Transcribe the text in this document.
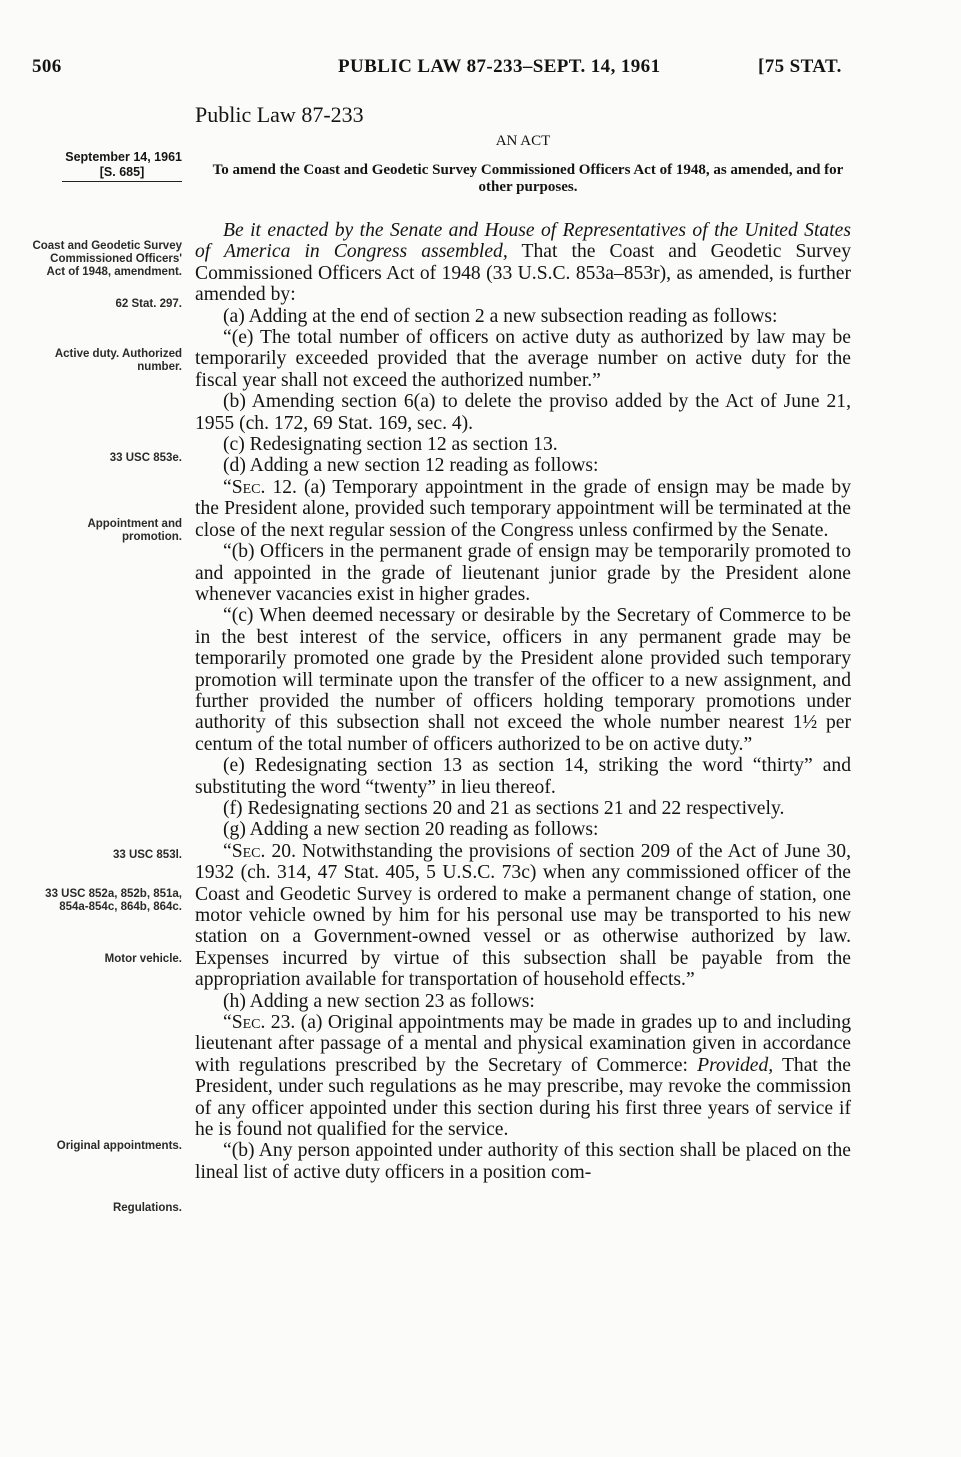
506	PUBLIC LAW 87-233–SEPT. 14, 1961	[75 STAT.
Public Law 87-233
AN ACT
September 14, 1961
[S. 685]	To amend the Coast and Geodetic Survey Commissioned Officers Act of 1948, as amended, and for other purposes.
Coast and Geodetic Survey Commissioned Officers' Act of 1948, amendment.
62 Stat. 297.
Active duty. Authorized number.
33 USC 853e.
Appointment and promotion.
33 USC 853l.
33 USC 852a, 852b, 851a, 854a-854c, 864b, 864c.
Motor vehicle.
Original appointments.
Regulations.

Be it enacted by the Senate and House of Representatives of the United States of America in Congress assembled, That the Coast and Geodetic Survey Commissioned Officers Act of 1948 (33 U.S.C. 853a–853r), as amended, is further amended by:

(a) Adding at the end of section 2 a new subsection reading as follows:

“(e) The total number of officers on active duty as authorized by law may be temporarily exceeded provided that the average number on active duty for the fiscal year shall not exceed the authorized number.”

(b) Amending section 6(a) to delete the proviso added by the Act of June 21, 1955 (ch. 172, 69 Stat. 169, sec. 4).

(c) Redesignating section 12 as section 13.

(d) Adding a new section 12 reading as follows:

“Sec. 12. (a) Temporary appointment in the grade of ensign may be made by the President alone, provided such temporary appointment will be terminated at the close of the next regular session of the Congress unless confirmed by the Senate.

“(b) Officers in the permanent grade of ensign may be temporarily promoted to and appointed in the grade of lieutenant junior grade by the President alone whenever vacancies exist in higher grades.

“(c) When deemed necessary or desirable by the Secretary of Commerce to be in the best interest of the service, officers in any permanent grade may be temporarily promoted one grade by the President alone provided such temporary promotion will terminate upon the transfer of the officer to a new assignment, and further provided the number of officers holding temporary promotions under authority of this subsection shall not exceed the whole number nearest 1½ per centum of the total number of officers authorized to be on active duty.”

(e) Redesignating section 13 as section 14, striking the word “thirty” and substituting the word “twenty” in lieu thereof.

(f) Redesignating sections 20 and 21 as sections 21 and 22 respectively.

(g) Adding a new section 20 reading as follows:

“Sec. 20. Notwithstanding the provisions of section 209 of the Act of June 30, 1932 (ch. 314, 47 Stat. 405, 5 U.S.C. 73c) when any commissioned officer of the Coast and Geodetic Survey is ordered to make a permanent change of station, one motor vehicle owned by him for his personal use may be transported to his new station on a Government-owned vessel or as otherwise authorized by law. Expenses incurred by virtue of this subsection shall be payable from the appropriation available for transportation of household effects.”

(h) Adding a new section 23 as follows:

“Sec. 23. (a) Original appointments may be made in grades up to and including lieutenant after passage of a mental and physical examination given in accordance with regulations prescribed by the Secretary of Commerce: Provided, That the President, under such regulations as he may prescribe, may revoke the commission of any officer appointed under this section during his first three years of service if he is found not qualified for the service.

“(b) Any person appointed under authority of this section shall be placed on the lineal list of active duty officers in a position com-
